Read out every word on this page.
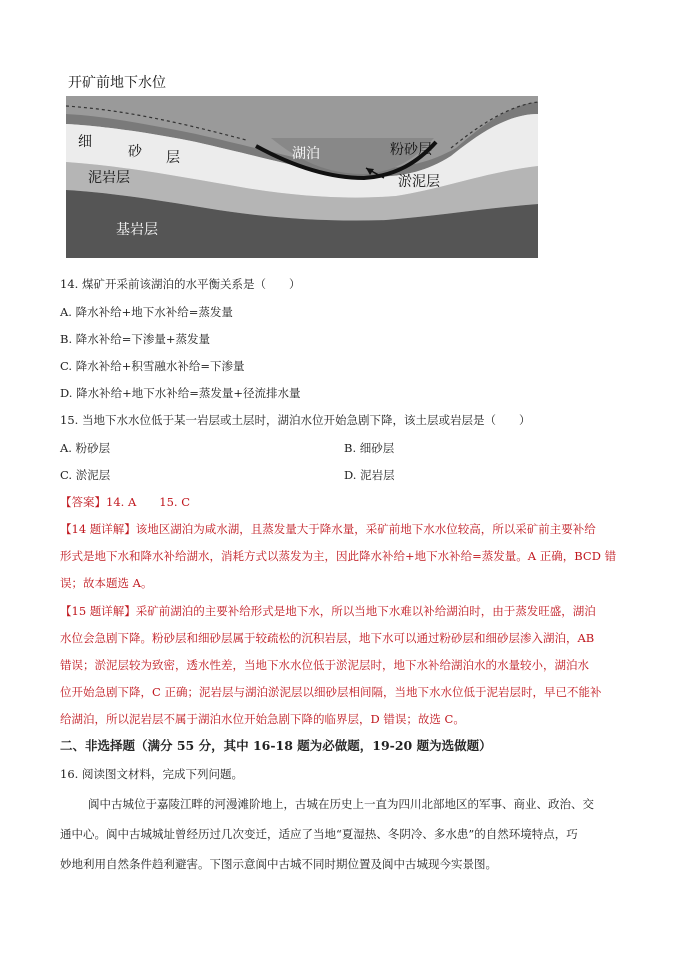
开矿前地下水位
细
砂 层	湖泊	粉砂层
泥岩层	淤泥层
基岩层
14. 煤矿开采前该湖泊的水平衡关系是（　　）
A. 降水补给+地下水补给=蒸发量
B. 降水补给=下渗量+蒸发量
C. 降水补给+积雪融水补给=下渗量
D. 降水补给+地下水补给=蒸发量+径流排水量
15. 当地下水水位低于某一岩层或土层时，湖泊水位开始急剧下降，该土层或岩层是（　　）
A. 粉砂层	B. 细砂层
C. 淤泥层	D. 泥岩层
【答案】14. A　　15. C
【14 题详解】该地区湖泊为咸水湖，且蒸发量大于降水量，采矿前地下水水位较高，所以采矿前主要补给
形式是地下水和降水补给湖水，消耗方式以蒸发为主，因此降水补给+地下水补给=蒸发量。A 正确，BCD 错
误；故本题选 A。
【15 题详解】采矿前湖泊的主要补给形式是地下水，所以当地下水难以补给湖泊时，由于蒸发旺盛，湖泊
水位会急剧下降。粉砂层和细砂层属于较疏松的沉积岩层，地下水可以通过粉砂层和细砂层渗入湖泊，AB
错误；淤泥层较为致密，透水性差，当地下水水位低于淤泥层时，地下水补给湖泊水的水量较小，湖泊水
位开始急剧下降，C 正确；泥岩层与湖泊淤泥层以细砂层相间隔，当地下水水位低于泥岩层时，早已不能补
给湖泊，所以泥岩层不属于湖泊水位开始急剧下降的临界层，D 错误；故选 C。
二、非选择题（满分 55 分，其中 16-18 题为必做题，19-20 题为选做题）
16. 阅读图文材料，完成下列问题。
阆中古城位于嘉陵江畔的河漫滩阶地上，古城在历史上一直为四川北部地区的军事、商业、政治、交
通中心。阆中古城城址曾经历过几次变迁，适应了当地“夏湿热、冬阴冷、多水患”的自然环境特点，巧
妙地利用自然条件趋利避害。下图示意阆中古城不同时期位置及阆中古城现今实景图。
